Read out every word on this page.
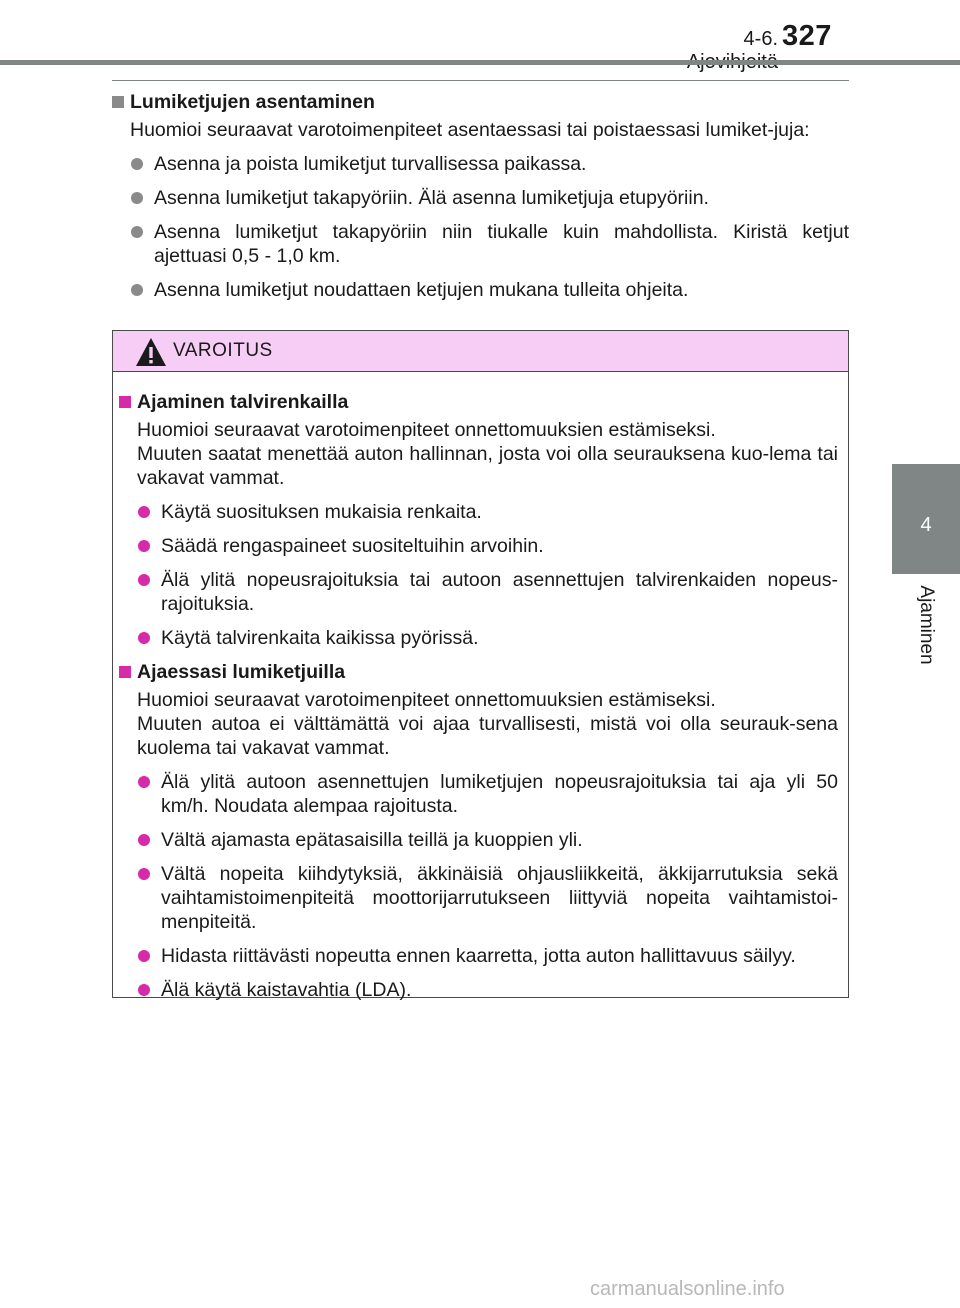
4-6. 327
4
Ajaminen
Lumiketjujen asentaminen
Huomioi seuraavat varotoimenpiteet asentaessasi tai poistaessasi lumiket-juja:
Asenna ja poista lumiketjut turvallisessa paikassa.
Asenna lumiketjut takapyöriin. Älä asenna lumiketjuja etupyöriin.
Asenna lumiketjut takapyöriin niin tiukalle kuin mahdollista. Kiristä ketjut ajettuasi 0,5 - 1,0 km.
Asenna lumiketjut noudattaen ketjujen mukana tulleita ohjeita.
VAROITUS
Ajaminen talvirenkailla
Huomioi seuraavat varotoimenpiteet onnettomuuksien estämiseksi.
Muuten saatat menettää auton hallinnan, josta voi olla seurauksena kuo-lema tai vakavat vammat.
Käytä suosituksen mukaisia renkaita.
Säädä rengaspaineet suositeltuihin arvoihin.
Älä ylitä nopeusrajoituksia tai autoon asennettujen talvirenkaiden nopeus-rajoituksia.
Käytä talvirenkaita kaikissa pyörissä.
Ajaessasi lumiketjuilla
Huomioi seuraavat varotoimenpiteet onnettomuuksien estämiseksi.
Muuten autoa ei välttämättä voi ajaa turvallisesti, mistä voi olla seurauk-sena kuolema tai vakavat vammat.
Älä ylitä autoon asennettujen lumiketjujen nopeusrajoituksia tai aja yli 50 km/h. Noudata alempaa rajoitusta.
Vältä ajamasta epätasaisilla teillä ja kuoppien yli.
Vältä nopeita kiihdytyksiä, äkkinäisiä ohjausliikkeitä, äkkijarrutuksia sekä vaihtamistoimenpiteitä moottorijarrutukseen liittyviä nopeita vaihtamistoi-menpiteitä.
Hidasta riittävästi nopeutta ennen kaarretta, jotta auton hallittavuus säilyy.
Älä käytä kaistavahtia (LDA).
carmanualsonline.info
